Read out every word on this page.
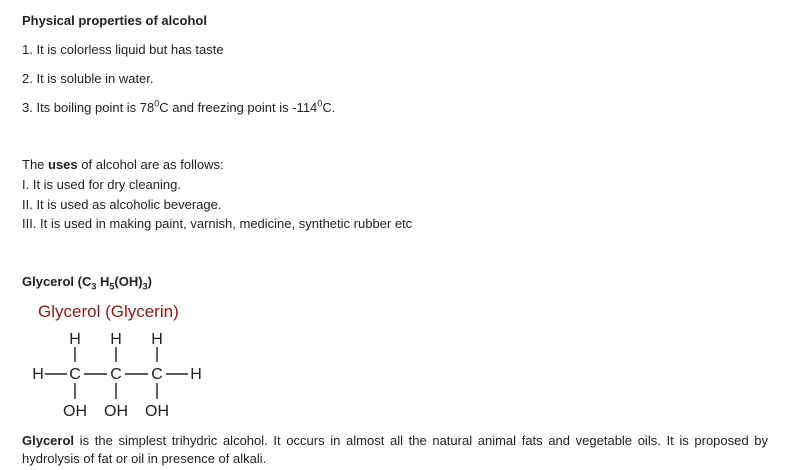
Physical properties of alcohol
1. It is colorless liquid but has taste
2. It is soluble in water.
3. Its boiling point is $78^0C$ and freezing point is $-114^0C$.
The uses of alcohol are as follows:
I. It is used for dry cleaning.
II. It is used as alcoholic beverage.
III. It is used in making paint, varnish, medicine, synthetic rubber etc
Glycerol ($C_3$ $H_5(OH)_3$)
Glycerol (Glycerin)
H H H
H C C C H
OH OH OH
Glycerol is the simplest trihydric alcohol. It occurs in almost all the natural animal fats and vegetable oils. It is proposed by hydrolysis of fat or oil in presence of alkali.
